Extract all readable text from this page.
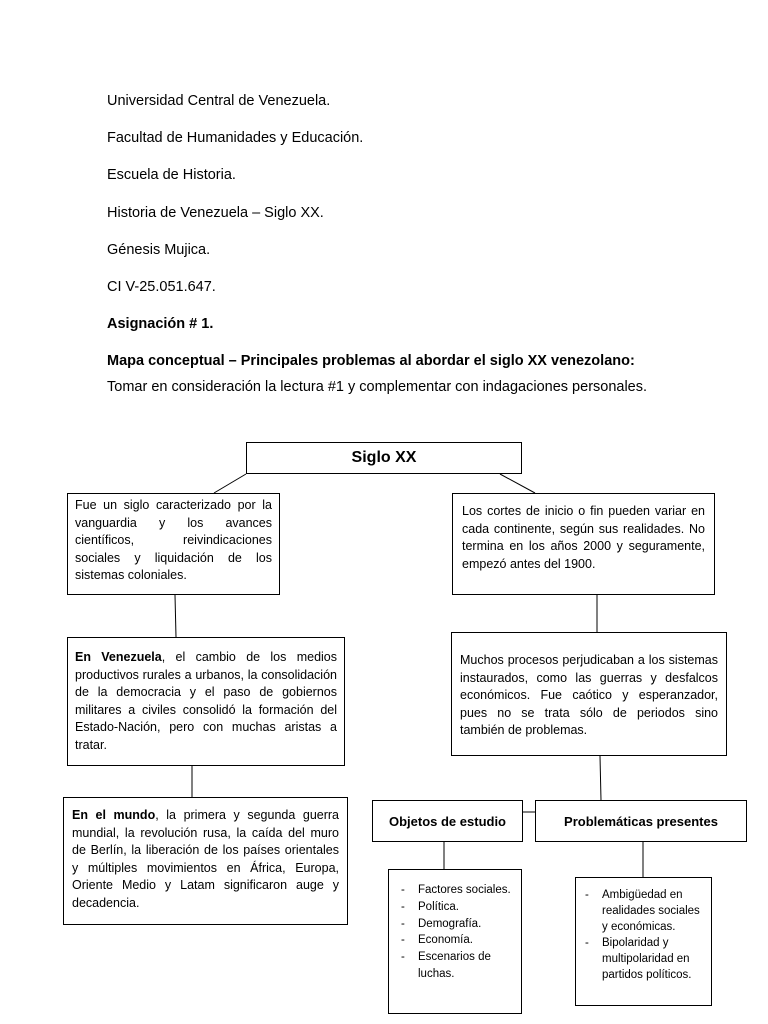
Universidad Central de Venezuela.
Facultad de Humanidades y Educación.
Escuela de Historia.
Historia de Venezuela – Siglo XX.
Génesis Mujica.
CI V-25.051.647.
Asignación # 1.
Mapa conceptual – Principales problemas al abordar el siglo XX venezolano:
Tomar en consideración la lectura #1 y complementar con indagaciones personales.
Siglo XX
Fue un siglo caracterizado por la vanguardia y los avances científicos, reivindicaciones sociales y liquidación de los sistemas coloniales.
En Venezuela, el cambio de los medios productivos rurales a urbanos, la consolidación de la democracia y el paso de gobiernos militares a civiles consolidó la formación del Estado-Nación, pero con muchas aristas a tratar.
En el mundo, la primera y segunda guerra mundial, la revolución rusa, la caída del muro de Berlín, la liberación de los países orientales y múltiples movimientos en África, Europa, Oriente Medio y Latam significaron auge y decadencia.
Los cortes de inicio o fin pueden variar en cada continente, según sus realidades. No termina en los años 2000 y seguramente, empezó antes del 1900.
Muchos procesos perjudicaban a los sistemas instaurados, como las guerras y desfalcos económicos. Fue caótico y esperanzador, pues no se trata sólo de periodos sino también de problemas.
Objetos de estudio	Problemáticas presentes
- Factores sociales.
- Política.
- Demografía.
- Economía.
- Escenarios de luchas.
- Ambigüedad en realidades sociales y económicas.
- Bipolaridad y multipolaridad en partidos políticos.
